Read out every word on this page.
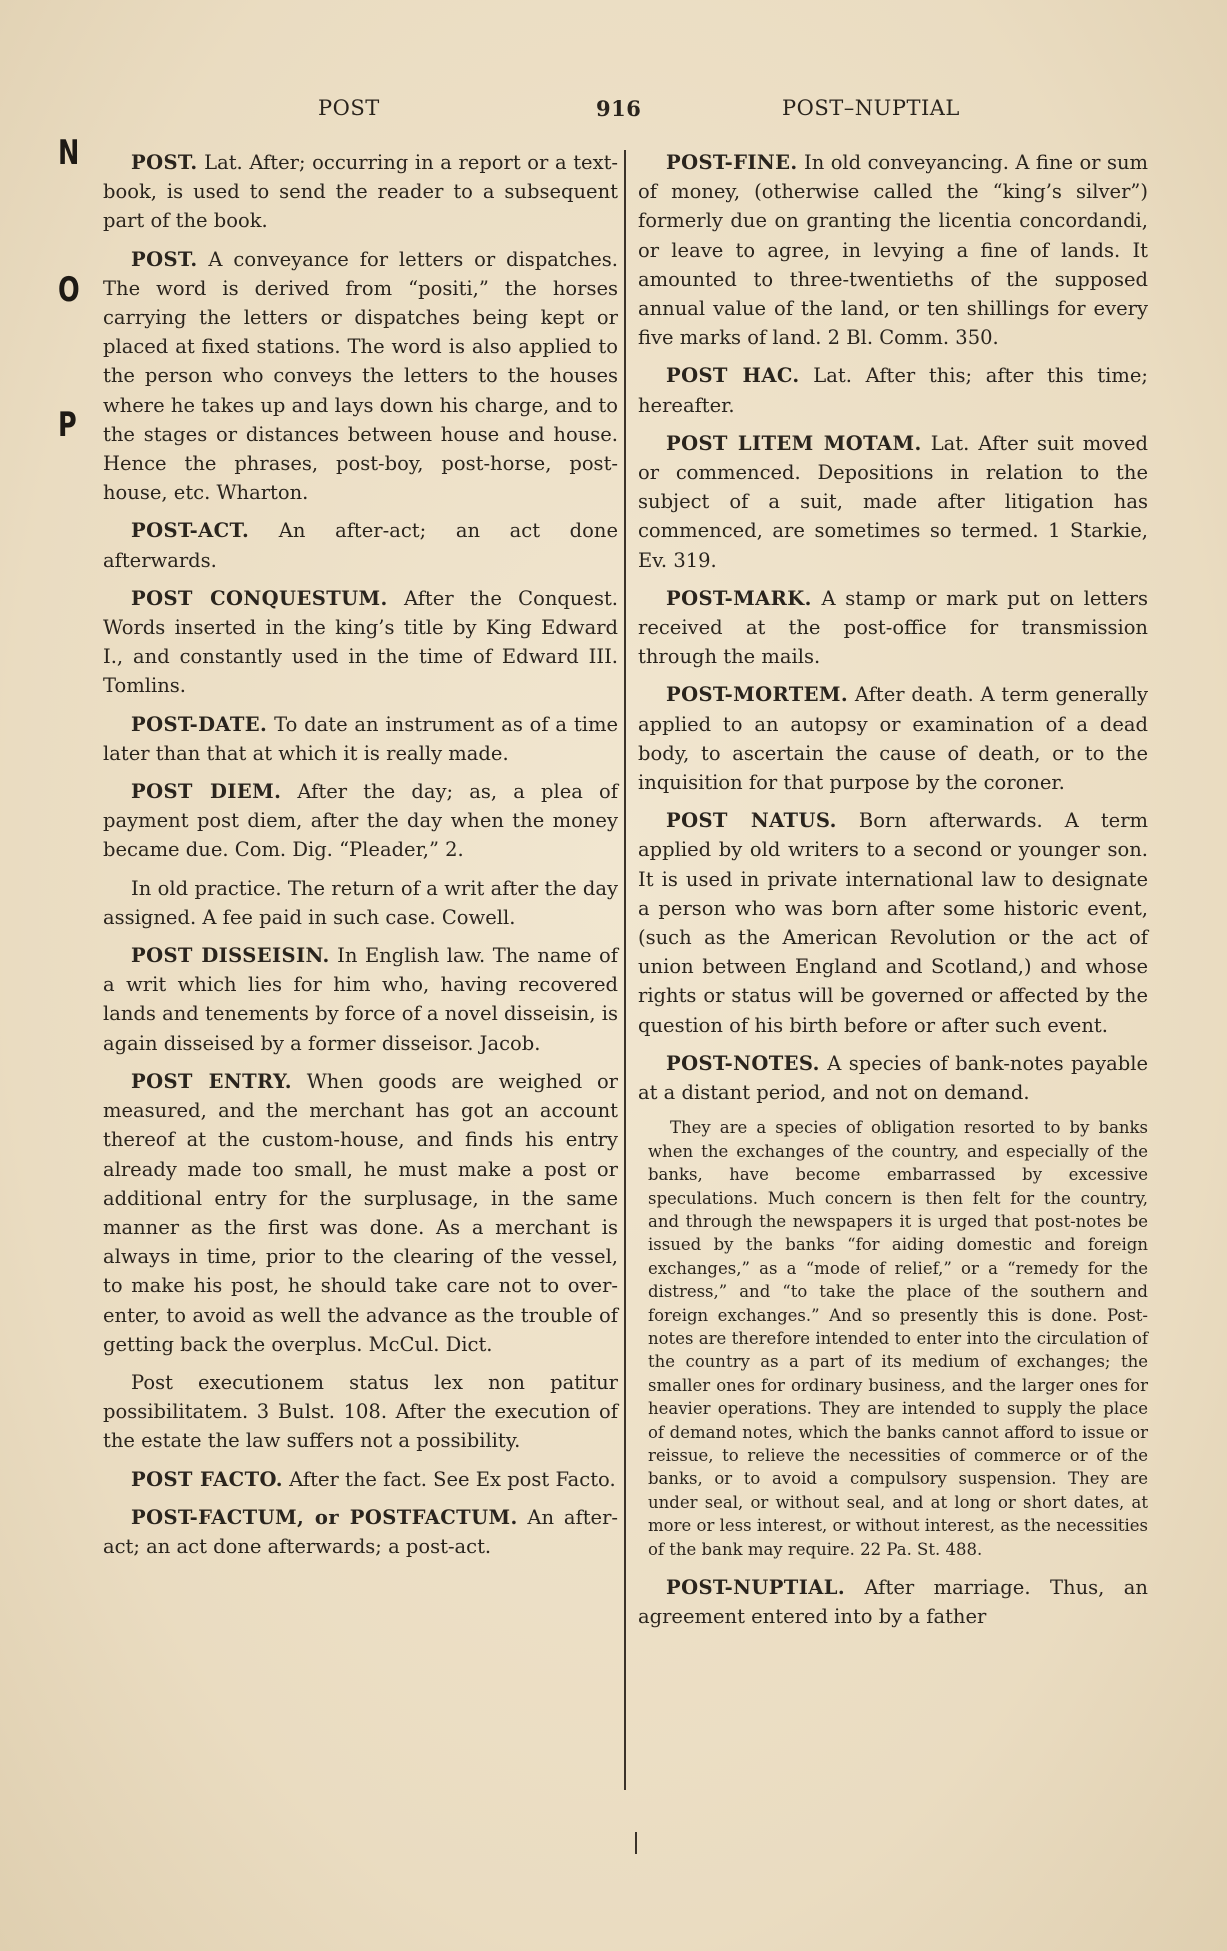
POST	916	POST–NUPTIAL
N
O
P

POST. Lat. After; occurring in a report or a text-book, is used to send the reader to a subsequent part of the book.

POST. A conveyance for letters or dispatches. The word is derived from “positi,” the horses carrying the letters or dispatches being kept or placed at fixed stations. The word is also applied to the person who conveys the letters to the houses where he takes up and lays down his charge, and to the stages or distances between house and house. Hence the phrases, post-boy, post-horse, post-house, etc. Wharton.

POST-ACT. An after-act; an act done afterwards.

POST CONQUESTUM. After the Conquest. Words inserted in the king’s title by King Edward I., and constantly used in the time of Edward III. Tomlins.

POST-DATE. To date an instrument as of a time later than that at which it is really made.

POST DIEM. After the day; as, a plea of payment post diem, after the day when the money became due. Com. Dig. “Pleader,” 2.

In old practice. The return of a writ after the day assigned. A fee paid in such case. Cowell.

POST DISSEISIN. In English law. The name of a writ which lies for him who, having recovered lands and tenements by force of a novel disseisin, is again disseised by a former disseisor. Jacob.

POST ENTRY. When goods are weighed or measured, and the merchant has got an account thereof at the custom-house, and finds his entry already made too small, he must make a post or additional entry for the surplusage, in the same manner as the first was done. As a merchant is always in time, prior to the clearing of the vessel, to make his post, he should take care not to over-enter, to avoid as well the advance as the trouble of getting back the overplus. McCul. Dict.

Post executionem status lex non patitur possibilitatem. 3 Bulst. 108. After the execution of the estate the law suffers not a possibility.

POST FACTO. After the fact. See Ex post Facto.

POST-FACTUM, or POSTFACTUM. An after-act; an act done afterwards; a post-act.

POST-FINE. In old conveyancing. A fine or sum of money, (otherwise called the “king’s silver”) formerly due on granting the licentia concordandi, or leave to agree, in levying a fine of lands. It amounted to three-twentieths of the supposed annual value of the land, or ten shillings for every five marks of land. 2 Bl. Comm. 350.

POST HAC. Lat. After this; after this time; hereafter.

POST LITEM MOTAM. Lat. After suit moved or commenced. Depositions in relation to the subject of a suit, made after litigation has commenced, are sometimes so termed. 1 Starkie, Ev. 319.

POST-MARK. A stamp or mark put on letters received at the post-office for transmission through the mails.

POST-MORTEM. After death. A term generally applied to an autopsy or examination of a dead body, to ascertain the cause of death, or to the inquisition for that purpose by the coroner.

POST NATUS. Born afterwards. A term applied by old writers to a second or younger son. It is used in private international law to designate a person who was born after some historic event, (such as the American Revolution or the act of union between England and Scotland,) and whose rights or status will be governed or affected by the question of his birth before or after such event.

POST-NOTES. A species of bank-notes payable at a distant period, and not on demand.

They are a species of obligation resorted to by banks when the exchanges of the country, and especially of the banks, have become embarrassed by excessive speculations. Much concern is then felt for the country, and through the newspapers it is urged that post-notes be issued by the banks “for aiding domestic and foreign exchanges,” as a “mode of relief,” or a “remedy for the distress,” and “to take the place of the southern and foreign exchanges.” And so presently this is done. Post-notes are therefore intended to enter into the circulation of the country as a part of its medium of exchanges; the smaller ones for ordinary business, and the larger ones for heavier operations. They are intended to supply the place of demand notes, which the banks cannot afford to issue or reissue, to relieve the necessities of commerce or of the banks, or to avoid a compulsory suspension. They are under seal, or without seal, and at long or short dates, at more or less interest, or without interest, as the necessities of the bank may require. 22 Pa. St. 488.

POST-NUPTIAL. After marriage. Thus, an agreement entered into by a father
